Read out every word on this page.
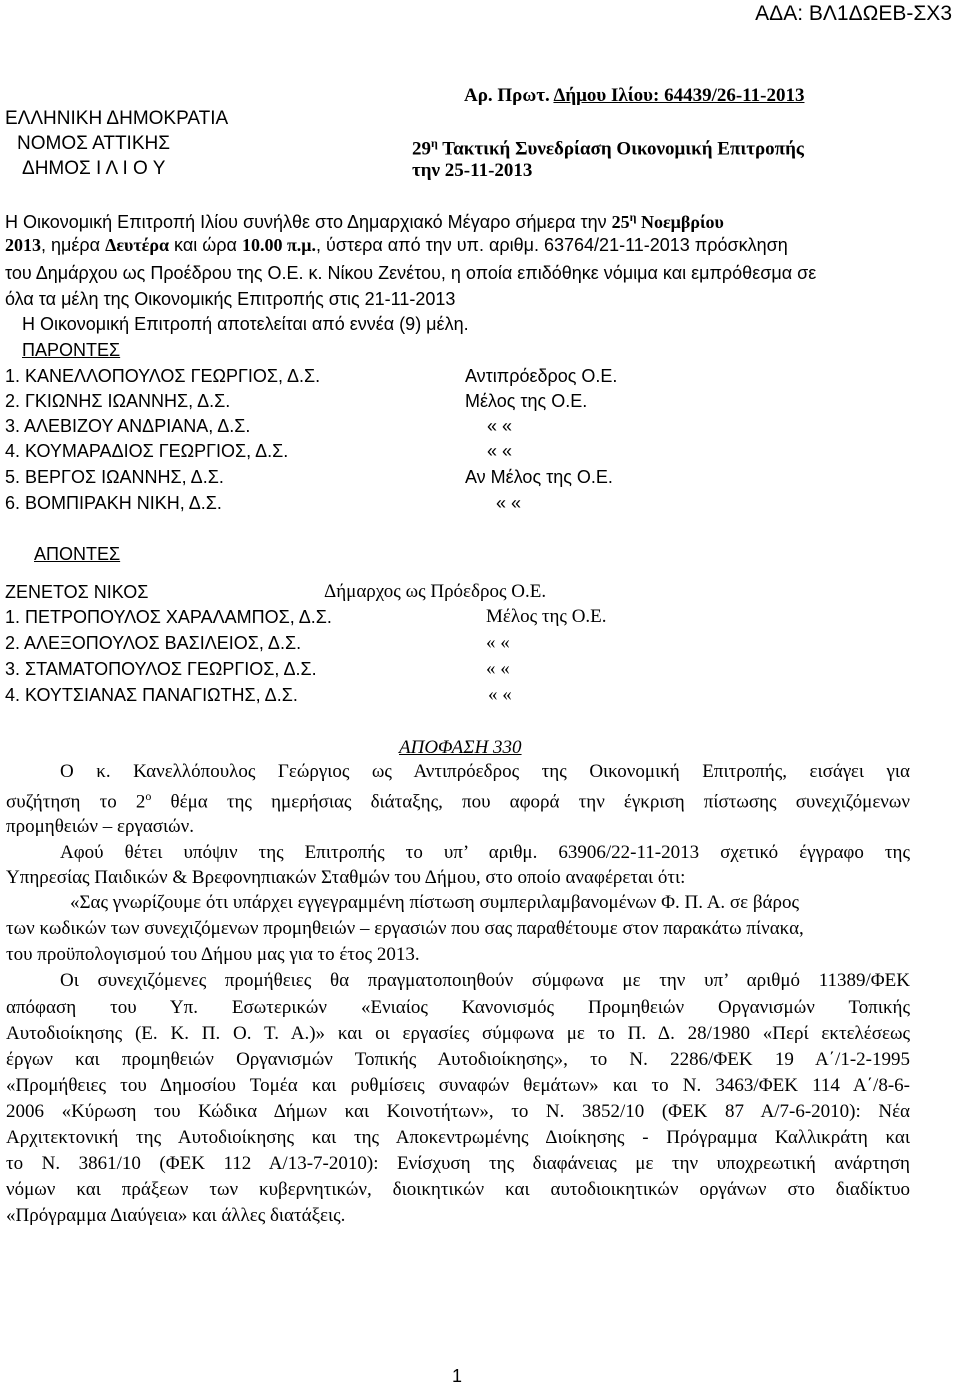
ΑΔΑ: ΒΛ1ΔΩΕΒ-ΣΧ3
Αρ. Πρωτ. Δήμου Ιλίου: 64439/26-11-2013
ΕΛΛΗΝΙΚΗ ΔΗΜΟΚΡΑΤΙΑ
ΝΟΜΟΣ ΑΤΤΙΚΗΣ
ΔΗΜΟΣ Ι Λ Ι Ο Υ
$29^\eta$ Τακτική Συνεδρίαση Οικονομική Επιτροπής
την 25-11-2013
Η Οικονομική Επιτροπή Ιλίου συνήλθε στο Δημαρχιακό Μέγαρο σήμερα την $25^\eta$ Νοεμβρίου
2013, ημέρα Δευτέρα και ώρα 10.00 π.μ., ύστερα από την υπ. αριθμ. 63764/21-11-2013 πρόσκληση
του Δημάρχου ως Προέδρου της Ο.Ε. κ. Νίκου Ζενέτου, η οποία επιδόθηκε νόμιμα και εμπρόθεσμα σε
όλα τα μέλη της Οικονομικής Επιτροπής στις 21-11-2013
Η Οικονομική Επιτροπή αποτελείται από εννέα (9) μέλη.
ΠΑΡΟΝΤΕΣ
1. ΚΑΝΕΛΛΟΠΟΥΛΟΣ ΓΕΩΡΓΙΟΣ, Δ.Σ.	Αντιπρόεδρος Ο.Ε.
2. ΓΚΙΩΝΗΣ ΙΩΑΝΝΗΣ, Δ.Σ.	Μέλος της Ο.Ε.
3. ΑΛΕΒΙΖΟΥ ΑΝΔΡΙΑΝΑ, Δ.Σ.	« «
4. ΚΟΥΜΑΡΑΔΙΟΣ ΓΕΩΡΓΙΟΣ, Δ.Σ.	« «
5. ΒΕΡΓΟΣ ΙΩΑΝΝΗΣ, Δ.Σ.	Αν Μέλος της Ο.Ε.
6. ΒΟΜΠΙΡΑΚΗ ΝΙΚΗ, Δ.Σ.	« «
ΑΠΟΝΤΕΣ
ΖΕΝΕΤΟΣ ΝΙΚΟΣ	Δήμαρχος ως Πρόεδρος Ο.Ε.
1. ΠΕΤΡΟΠΟΥΛΟΣ ΧΑΡΑΛΑΜΠΟΣ, Δ.Σ.	Μέλος της Ο.Ε.
2. ΑΛΕΞΟΠΟΥΛΟΣ ΒΑΣΙΛΕΙΟΣ, Δ.Σ.	« «
3. ΣΤΑΜΑΤΟΠΟΥΛΟΣ ΓΕΩΡΓΙΟΣ, Δ.Σ.	« «
4. ΚΟΥΤΣΙΑΝΑΣ ΠΑΝΑΓΙΩΤΗΣ, Δ.Σ.	« «
ΑΠΟΦΑΣΗ 330
Ο κ. Κανελλόπουλος Γεώργιος ως Αντιπρόεδρος της Οικονομική Επιτροπής, εισάγει για
συζήτηση το $2^o$ θέμα της ημερήσιας διάταξης, που αφορά την έγκριση πίστωσης συνεχιζόμενων
προμηθειών – εργασιών.
Αφού θέτει υπόψιν της Επιτροπής το υπ’ αριθμ. 63906/22-11-2013 σχετικό έγγραφο της
Υπηρεσίας Παιδικών & Βρεφονηπιακών Σταθμών του Δήμου, στο οποίο αναφέρεται ότι:
«Σας γνωρίζουμε ότι υπάρχει εγγεγραμμένη πίστωση συμπεριλαμβανομένων Φ. Π. Α. σε βάρος
των κωδικών των συνεχιζόμενων προμηθειών – εργασιών που σας παραθέτουμε στον παρακάτω πίνακα,
του προϋπολογισμού του Δήμου μας για το έτος 2013.
Οι συνεχιζόμενες προμήθειες θα πραγματοποιηθούν σύμφωνα με την υπ’ αριθμό 11389/ΦΕΚ
απόφαση του Υπ. Εσωτερικών «Ενιαίος Κανονισμός Προμηθειών Οργανισμών Τοπικής
Αυτοδιοίκησης (Ε. Κ. Π. Ο. Τ. Α.)» και οι εργασίες σύμφωνα με το Π. Δ. 28/1980 «Περί εκτελέσεως
έργων και προμηθειών Οργανισμών Τοπικής Αυτοδιοίκησης», το Ν. 2286/ΦΕΚ 19 Α΄/1-2-1995
«Προμήθειες του Δημοσίου Τομέα και ρυθμίσεις συναφών θεμάτων» και το Ν. 3463/ΦΕΚ 114 Α΄/8-6-
2006 «Κύρωση του Κώδικα Δήμων και Κοινοτήτων», το Ν. 3852/10 (ΦΕΚ 87 Α/7-6-2010): Νέα
Αρχιτεκτονική της Αυτοδιοίκησης και της Αποκεντρωμένης Διοίκησης - Πρόγραμμα Καλλικράτη και
το Ν. 3861/10 (ΦΕΚ 112 Α/13-7-2010): Ενίσχυση της διαφάνειας με την υποχρεωτική ανάρτηση
νόμων και πράξεων των κυβερνητικών, διοικητικών και αυτοδιοικητικών οργάνων στο διαδίκτυο
«Πρόγραμμα Διαύγεια» και άλλες διατάξεις.
1
